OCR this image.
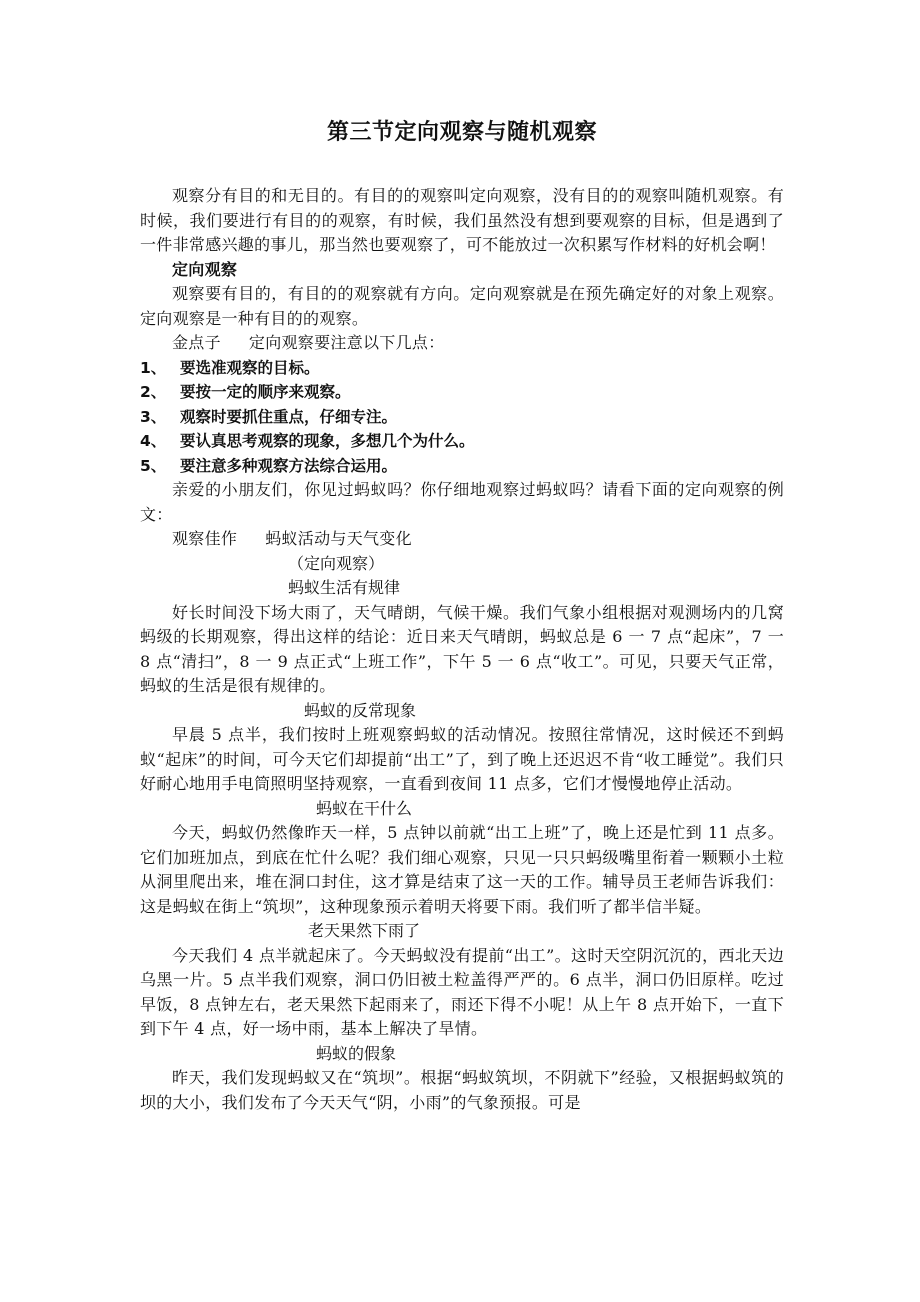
第三节定向观察与随机观察

观察分有目的和无目的。有目的的观察叫定向观察，没有目的的观察叫随机观察。有时候，我们要进行有目的的观察，有时候，我们虽然没有想到要观察的目标，但是遇到了一件非常感兴趣的事儿，那当然也要观察了，可不能放过一次积累写作材料的好机会啊！

定向观察

观察要有目的，有目的的观察就有方向。定向观察就是在预先确定好的对象上观察。定向观察是一种有目的的观察。

金点子 定向观察要注意以下几点：

1、 要选准观察的目标。

2、 要按一定的顺序来观察。

3、 观察时要抓住重点，仔细专注。

4、 要认真思考观察的现象，多想几个为什么。

5、 要注意多种观察方法综合运用。

亲爱的小朋友们，你见过蚂蚁吗？你仔细地观察过蚂蚁吗？请看下面的定向观察的例文：

观察佳作 蚂蚁活动与天气变化

（定向观察）

蚂蚁生活有规律

好长时间没下场大雨了，天气晴朗，气候干燥。我们气象小组根据对观测场内的几窝蚂级的长期观察，得出这样的结论：近日来天气晴朗，蚂蚁总是 6 一 7 点“起床”，7 一 8 点“清扫”，8 一 9 点正式“上班工作”，下午 5 一 6 点“收工”。可见，只要天气正常，蚂蚁的生活是很有规律的。

蚂蚁的反常现象

早晨 5 点半，我们按时上班观察蚂蚁的活动情况。按照往常情况，这时候还不到蚂蚁“起床”的时间，可今天它们却提前“出工”了，到了晚上还迟迟不肯“收工睡觉”。我们只好耐心地用手电筒照明坚持观察，一直看到夜间 11 点多，它们才慢慢地停止活动。

蚂蚁在干什么

今天，蚂蚁仍然像昨天一样，5 点钟以前就“出工上班”了，晚上还是忙到 11 点多。它们加班加点，到底在忙什么呢？我们细心观察，只见一只只蚂级嘴里衔着一颗颗小土粒从洞里爬出来，堆在洞口封住，这才算是结束了这一天的工作。辅导员王老师告诉我们：这是蚂蚁在街上“筑坝”，这种现象预示着明天将要下雨。我们听了都半信半疑。

老天果然下雨了

今天我们 4 点半就起床了。今天蚂蚁没有提前“出工”。这时天空阴沉沉的，西北天边乌黑一片。5 点半我们观察，洞口仍旧被土粒盖得严严的。6 点半，洞口仍旧原样。吃过早饭，8 点钟左右，老天果然下起雨来了，雨还下得不小呢！从上午 8 点开始下，一直下到下午 4 点，好一场中雨，基本上解决了旱情。

蚂蚁的假象

昨天，我们发现蚂蚁又在“筑坝”。根据“蚂蚁筑坝，不阴就下”经验，又根据蚂蚁筑的坝的大小，我们发布了今天天气“阴，小雨”的气象预报。可是
